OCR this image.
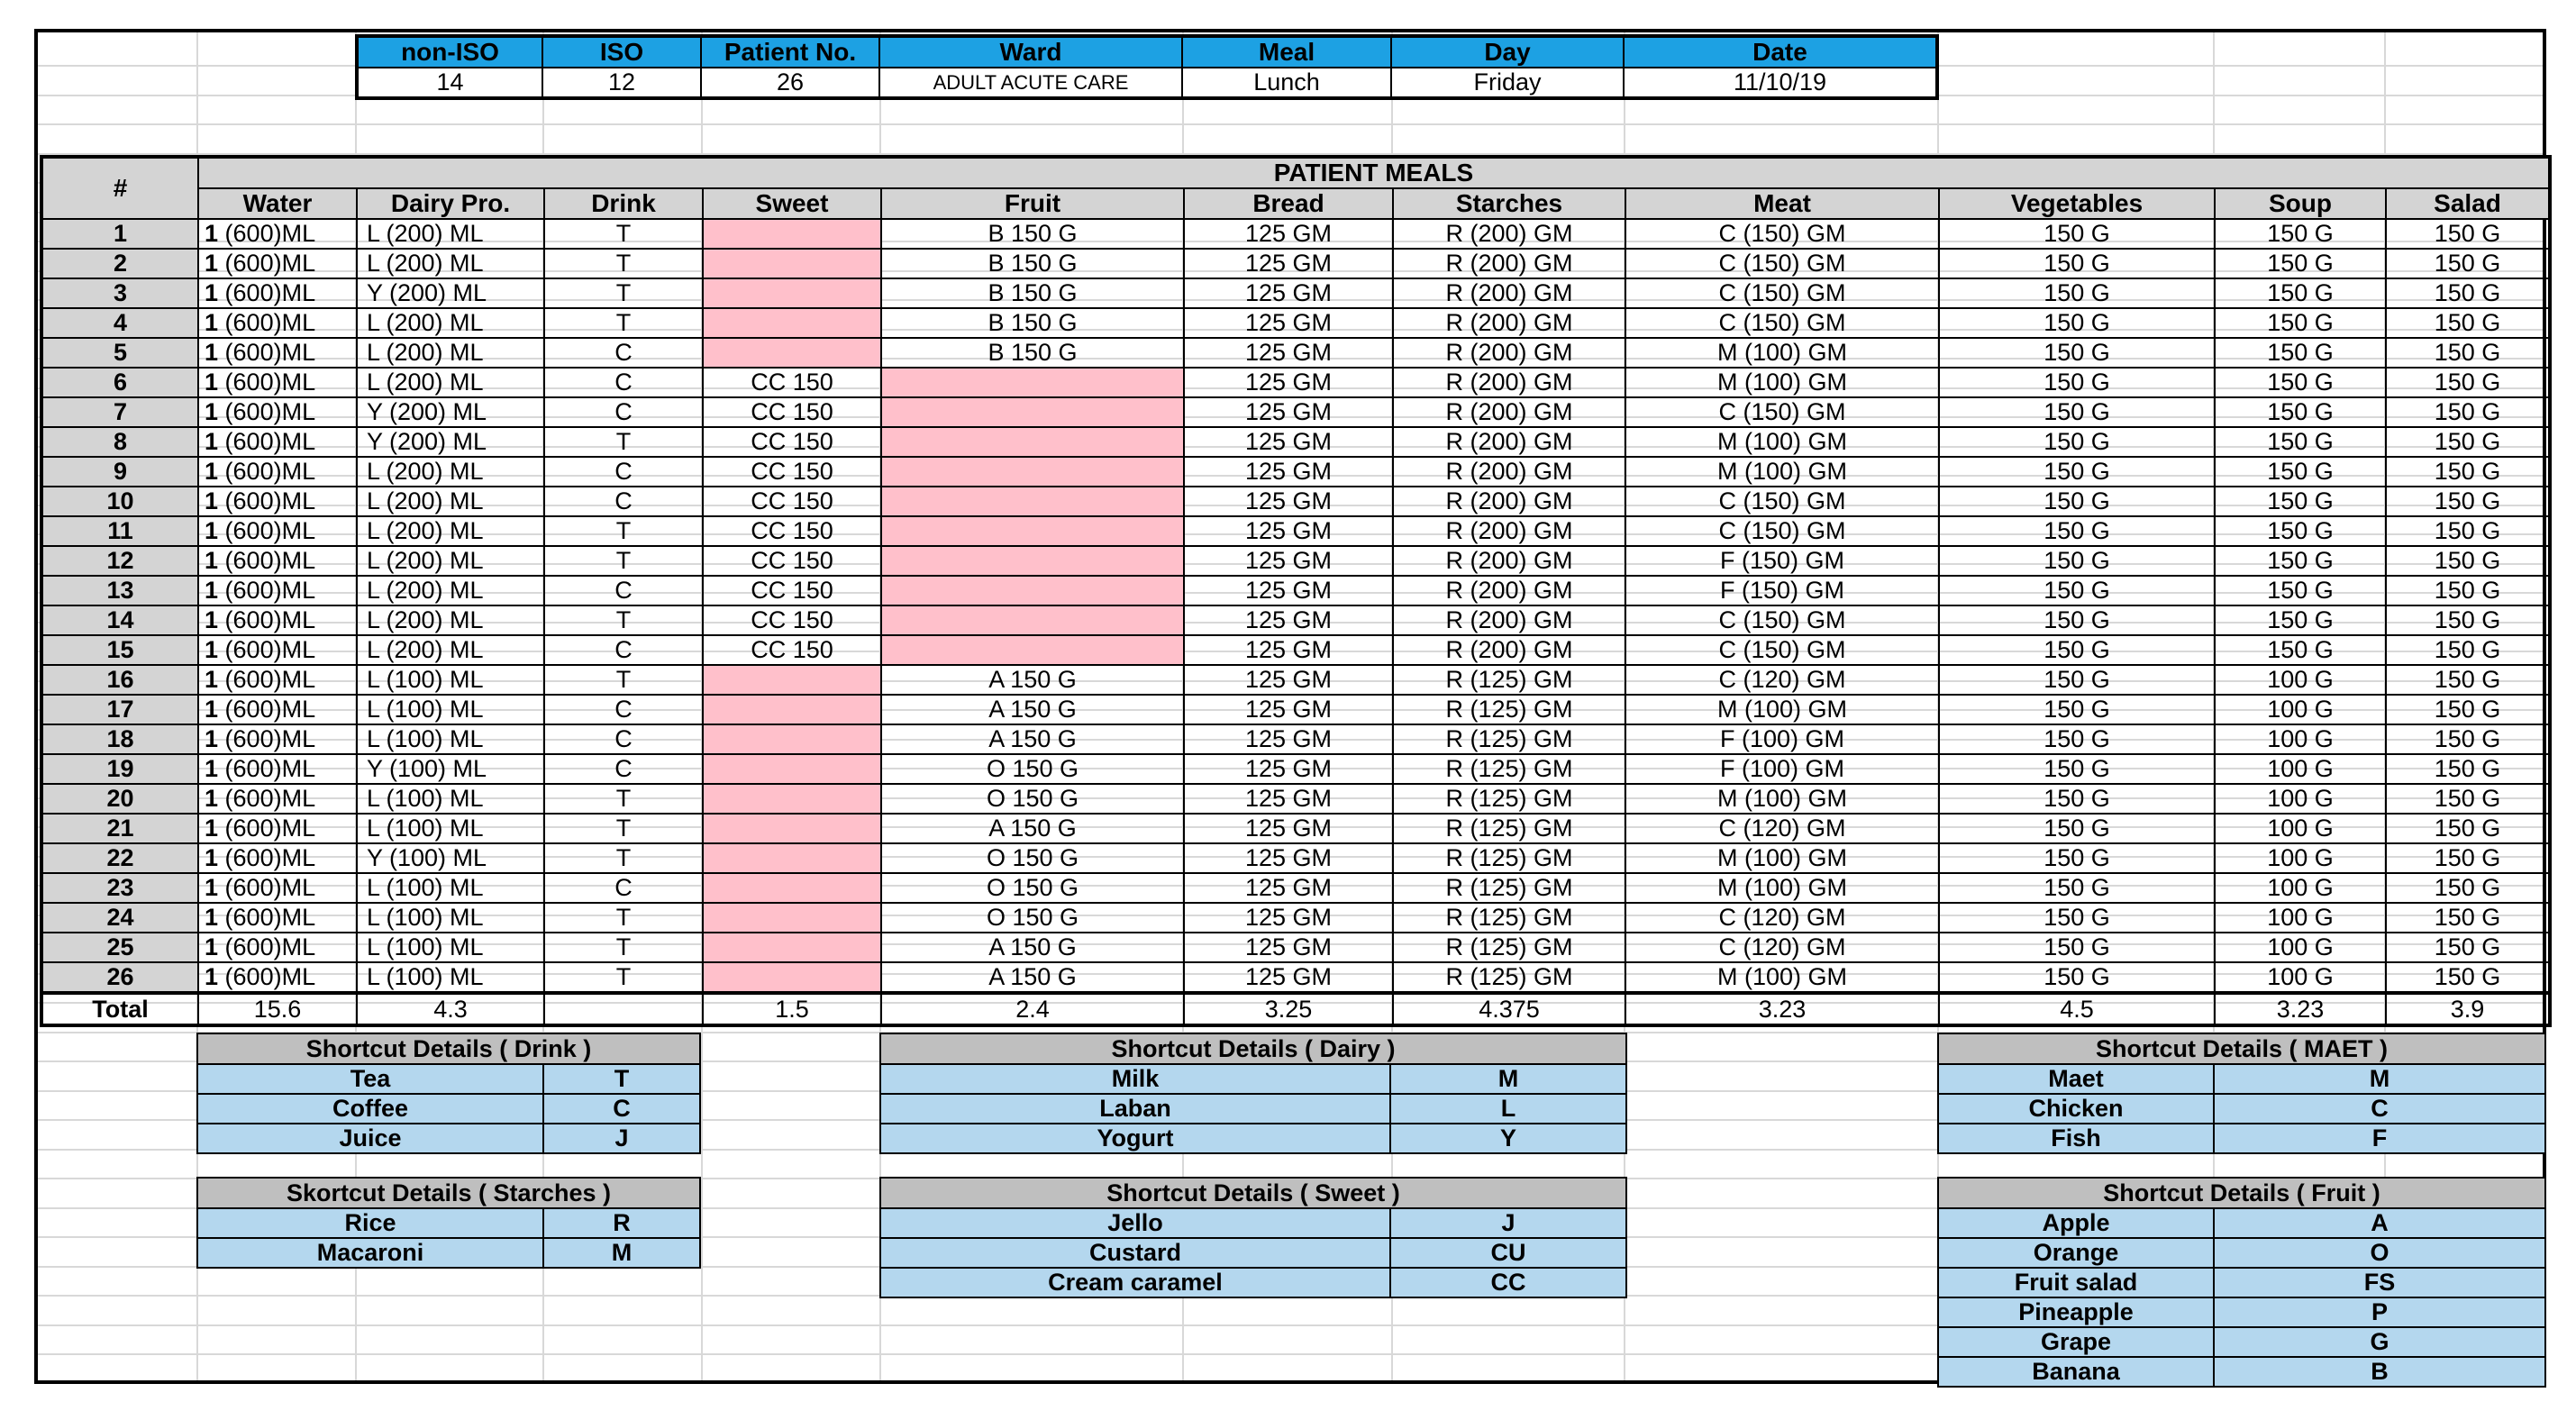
non-ISO	ISO	Patient No.	Ward	Meal	Day	Date
14	12	26	ADULT ACUTE CARE	Lunch	Friday	11/10/19
#	PATIENT MEALS										
	Water	Dairy Pro.	Drink	Sweet	Fruit	Bread	Starches	Meat	Vegetables	Soup	Salad
1	1 (600)ML	L (200) ML	T		B 150 G	125 GM	R (200) GM	C (150) GM	150 G	150 G	150 G
2	1 (600)ML	L (200) ML	T		B 150 G	125 GM	R (200) GM	C (150) GM	150 G	150 G	150 G
3	1 (600)ML	Y (200) ML	T		B 150 G	125 GM	R (200) GM	C (150) GM	150 G	150 G	150 G
4	1 (600)ML	L (200) ML	T		B 150 G	125 GM	R (200) GM	C (150) GM	150 G	150 G	150 G
5	1 (600)ML	L (200) ML	C		B 150 G	125 GM	R (200) GM	M (100) GM	150 G	150 G	150 G
6	1 (600)ML	L (200) ML	C	CC 150		125 GM	R (200) GM	M (100) GM	150 G	150 G	150 G
7	1 (600)ML	Y (200) ML	C	CC 150		125 GM	R (200) GM	C (150) GM	150 G	150 G	150 G
8	1 (600)ML	Y (200) ML	T	CC 150		125 GM	R (200) GM	M (100) GM	150 G	150 G	150 G
9	1 (600)ML	L (200) ML	C	CC 150		125 GM	R (200) GM	M (100) GM	150 G	150 G	150 G
10	1 (600)ML	L (200) ML	C	CC 150		125 GM	R (200) GM	C (150) GM	150 G	150 G	150 G
11	1 (600)ML	L (200) ML	T	CC 150		125 GM	R (200) GM	C (150) GM	150 G	150 G	150 G
12	1 (600)ML	L (200) ML	T	CC 150		125 GM	R (200) GM	F (150) GM	150 G	150 G	150 G
13	1 (600)ML	L (200) ML	C	CC 150		125 GM	R (200) GM	F (150) GM	150 G	150 G	150 G
14	1 (600)ML	L (200) ML	T	CC 150		125 GM	R (200) GM	C (150) GM	150 G	150 G	150 G
15	1 (600)ML	L (200) ML	C	CC 150		125 GM	R (200) GM	C (150) GM	150 G	150 G	150 G
16	1 (600)ML	L (100) ML	T		A 150 G	125 GM	R (125) GM	C (120) GM	150 G	100 G	150 G
17	1 (600)ML	L (100) ML	C		A 150 G	125 GM	R (125) GM	M (100) GM	150 G	100 G	150 G
18	1 (600)ML	L (100) ML	C		A 150 G	125 GM	R (125) GM	F (100) GM	150 G	100 G	150 G
19	1 (600)ML	Y (100) ML	C		O 150 G	125 GM	R (125) GM	F (100) GM	150 G	100 G	150 G
20	1 (600)ML	L (100) ML	T		O 150 G	125 GM	R (125) GM	M (100) GM	150 G	100 G	150 G
21	1 (600)ML	L (100) ML	T		A 150 G	125 GM	R (125) GM	C (120) GM	150 G	100 G	150 G
22	1 (600)ML	Y (100) ML	T		O 150 G	125 GM	R (125) GM	M (100) GM	150 G	100 G	150 G
23	1 (600)ML	L (100) ML	C		O 150 G	125 GM	R (125) GM	M (100) GM	150 G	100 G	150 G
24	1 (600)ML	L (100) ML	T		O 150 G	125 GM	R (125) GM	C (120) GM	150 G	100 G	150 G
25	1 (600)ML	L (100) ML	T		A 150 G	125 GM	R (125) GM	C (120) GM	150 G	100 G	150 G
26	1 (600)ML	L (100) ML	T		A 150 G	125 GM	R (125) GM	M (100) GM	150 G	100 G	150 G
Total	15.6	4.3		1.5	2.4	3.25	4.375	3.23	4.5	3.23	3.9
Shortcut Details ( Drink )	
Tea	T
Coffee	C
Juice	J
Shortcut Details ( Dairy )	
Milk	M
Laban	L
Yogurt	Y
Shortcut Details ( MAET )	
Maet	M
Chicken	C
Fish	F
Skortcut Details ( Starches )	
Rice	R
Macaroni	M
Shortcut Details ( Sweet )	
Jello	J
Custard	CU
Cream caramel	CC
Shortcut Details ( Fruit )	
Apple	A
Orange	O
Fruit salad	FS
Pineapple	P
Grape	G
Banana	B
